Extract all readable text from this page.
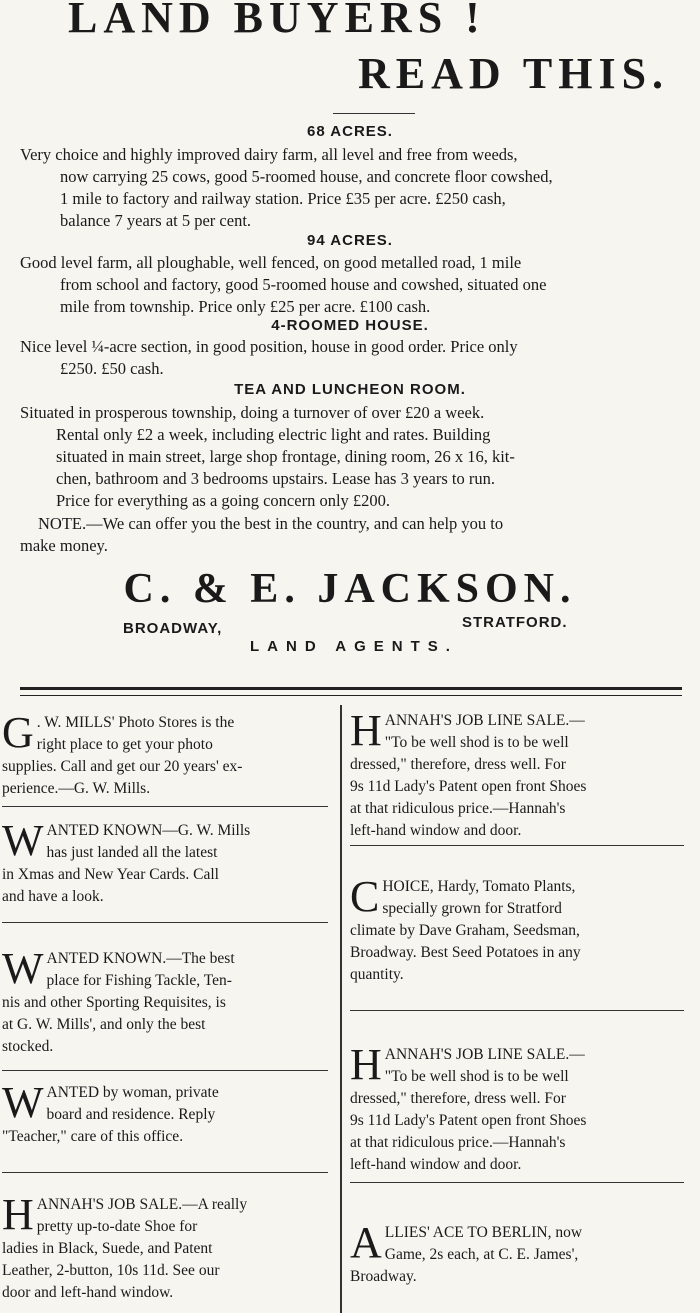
LAND BUYERS !
READ THIS.
68 ACRES.
Very choice and highly improved dairy farm, all level and free from weeds,
now carrying 25 cows, good 5-roomed house, and concrete floor cowshed,
1 mile to factory and railway station. Price £35 per acre. £250 cash,
balance 7 years at 5 per cent.
94 ACRES.
Good level farm, all ploughable, well fenced, on good metalled road, 1 mile
from school and factory, good 5-roomed house and cowshed, situated one
mile from township. Price only £25 per acre. £100 cash.
4-ROOMED HOUSE.
Nice level ¼-acre section, in good position, house in good order. Price only
£250. £50 cash.
TEA AND LUNCHEON ROOM.
Situated in prosperous township, doing a turnover of over £20 a week.
Rental only £2 a week, including electric light and rates. Building
situated in main street, large shop frontage, dining room, 26 x 16, kit-
chen, bathroom and 3 bedrooms upstairs. Lease has 3 years to run.
Price for everything as a going concern only £200.
NOTE.—We can offer you the best in the country, and can help you to
make money.
C. & E. JACKSON.
BROADWAY,	STRATFORD.
LAND AGENTS.
G . W. MILLS' Photo Stores is the
right place to get your photo
supplies. Call and get our 20 years' ex-
perience.—G. W. Mills.
W ANTED KNOWN—G. W. Mills
has just landed all the latest
in Xmas and New Year Cards. Call
and have a look.
W ANTED KNOWN.—The best
place for Fishing Tackle, Ten-
nis and other Sporting Requisites, is
at G. W. Mills', and only the best
stocked.
W ANTED by woman, private
board and residence. Reply
"Teacher," care of this office.
H ANNAH'S JOB SALE.—A really
pretty up-to-date Shoe for
ladies in Black, Suede, and Patent
Leather, 2-button, 10s 11d. See our
door and left-hand window.
H ANNAH'S JOB LINE SALE.—
"To be well shod is to be well
dressed," therefore, dress well. For
9s 11d Lady's Patent open front Shoes
at that ridiculous price.—Hannah's
left-hand window and door.
C HOICE, Hardy, Tomato Plants,
specially grown for Stratford
climate by Dave Graham, Seedsman,
Broadway. Best Seed Potatoes in any
quantity.
H ANNAH'S JOB LINE SALE.—
"To be well shod is to be well
dressed," therefore, dress well. For
9s 11d Lady's Patent open front Shoes
at that ridiculous price.—Hannah's
left-hand window and door.
A LLIES' ACE TO BERLIN, now
Game, 2s each, at C. E. James',
Broadway.
